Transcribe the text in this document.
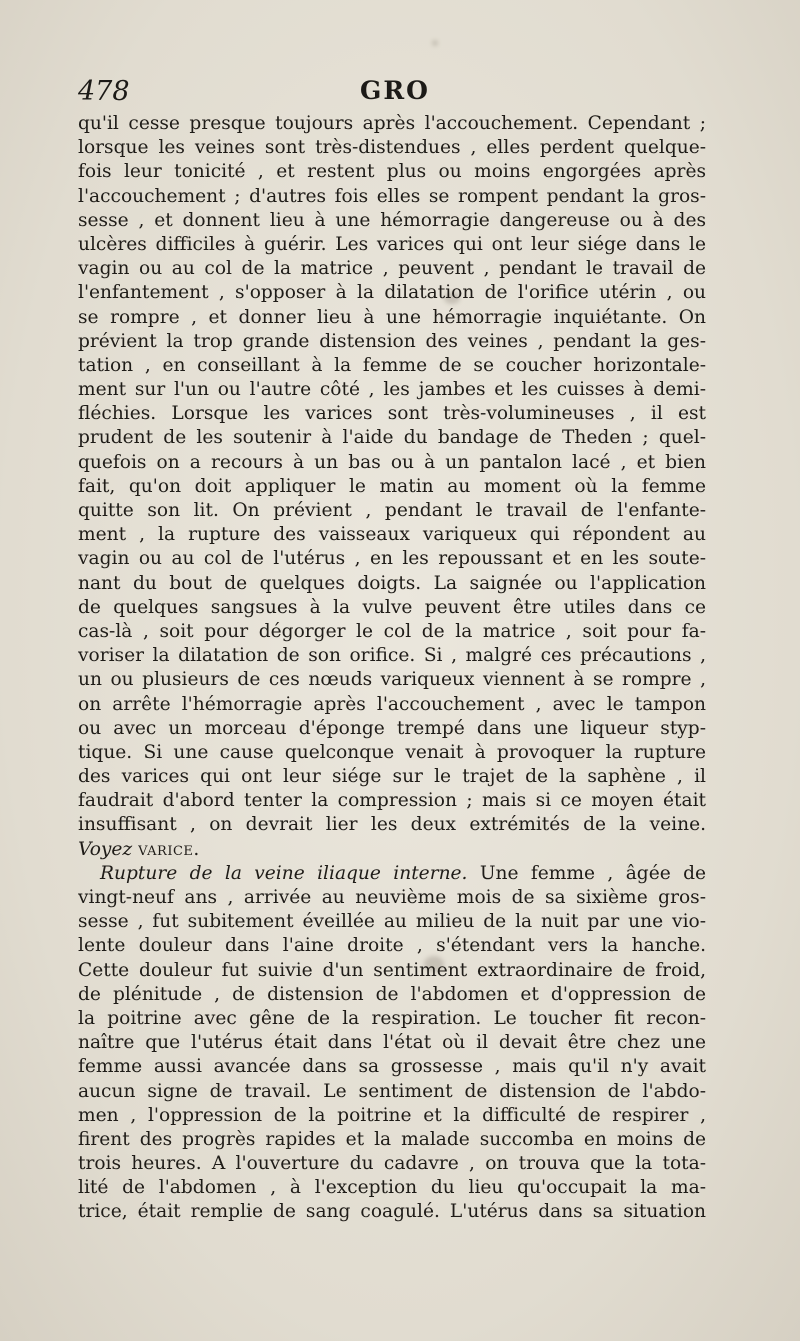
478	GRO
qu'il cesse presque toujours après l'accouchement. Cependant ;
lorsque les veines sont très-distendues , elles perdent quelque-
fois leur tonicité , et restent plus ou moins engorgées après
l'accouchement ; d'autres fois elles se rompent pendant la gros-
sesse , et donnent lieu à une hémorragie dangereuse ou à des
ulcères difficiles à guérir. Les varices qui ont leur siége dans le
vagin ou au col de la matrice , peuvent , pendant le travail de
l'enfantement , s'opposer à la dilatation de l'orifice utérin , ou
se rompre , et donner lieu à une hémorragie inquiétante. On
prévient la trop grande distension des veines , pendant la ges-
tation , en conseillant à la femme de se coucher horizontale-
ment sur l'un ou l'autre côté , les jambes et les cuisses à demi-
fléchies. Lorsque les varices sont très-volumineuses , il est
prudent de les soutenir à l'aide du bandage de Theden ; quel-
quefois on a recours à un bas ou à un pantalon lacé , et bien
fait, qu'on doit appliquer le matin au moment où la femme
quitte son lit. On prévient , pendant le travail de l'enfante-
ment , la rupture des vaisseaux variqueux qui répondent au
vagin ou au col de l'utérus , en les repoussant et en les soute-
nant du bout de quelques doigts. La saignée ou l'application
de quelques sangsues à la vulve peuvent être utiles dans ce
cas-là , soit pour dégorger le col de la matrice , soit pour fa-
voriser la dilatation de son orifice. Si , malgré ces précautions ,
un ou plusieurs de ces nœuds variqueux viennent à se rompre ,
on arrête l'hémorragie après l'accouchement , avec le tampon
ou avec un morceau d'éponge trempé dans une liqueur styp-
tique. Si une cause quelconque venait à provoquer la rupture
des varices qui ont leur siége sur le trajet de la saphène , il
faudrait d'abord tenter la compression ; mais si ce moyen était
insuffisant , on devrait lier les deux extrémités de la veine.
Voyez varice.
Rupture de la veine iliaque interne. Une femme , âgée de
vingt-neuf ans , arrivée au neuvième mois de sa sixième gros-
sesse , fut subitement éveillée au milieu de la nuit par une vio-
lente douleur dans l'aine droite , s'étendant vers la hanche.
Cette douleur fut suivie d'un sentiment extraordinaire de froid,
de plénitude , de distension de l'abdomen et d'oppression de
la poitrine avec gêne de la respiration. Le toucher fit recon-
naître que l'utérus était dans l'état où il devait être chez une
femme aussi avancée dans sa grossesse , mais qu'il n'y avait
aucun signe de travail. Le sentiment de distension de l'abdo-
men , l'oppression de la poitrine et la difficulté de respirer ,
firent des progrès rapides et la malade succomba en moins de
trois heures. A l'ouverture du cadavre , on trouva que la tota-
lité de l'abdomen , à l'exception du lieu qu'occupait la ma-
trice, était remplie de sang coagulé. L'utérus dans sa situation
